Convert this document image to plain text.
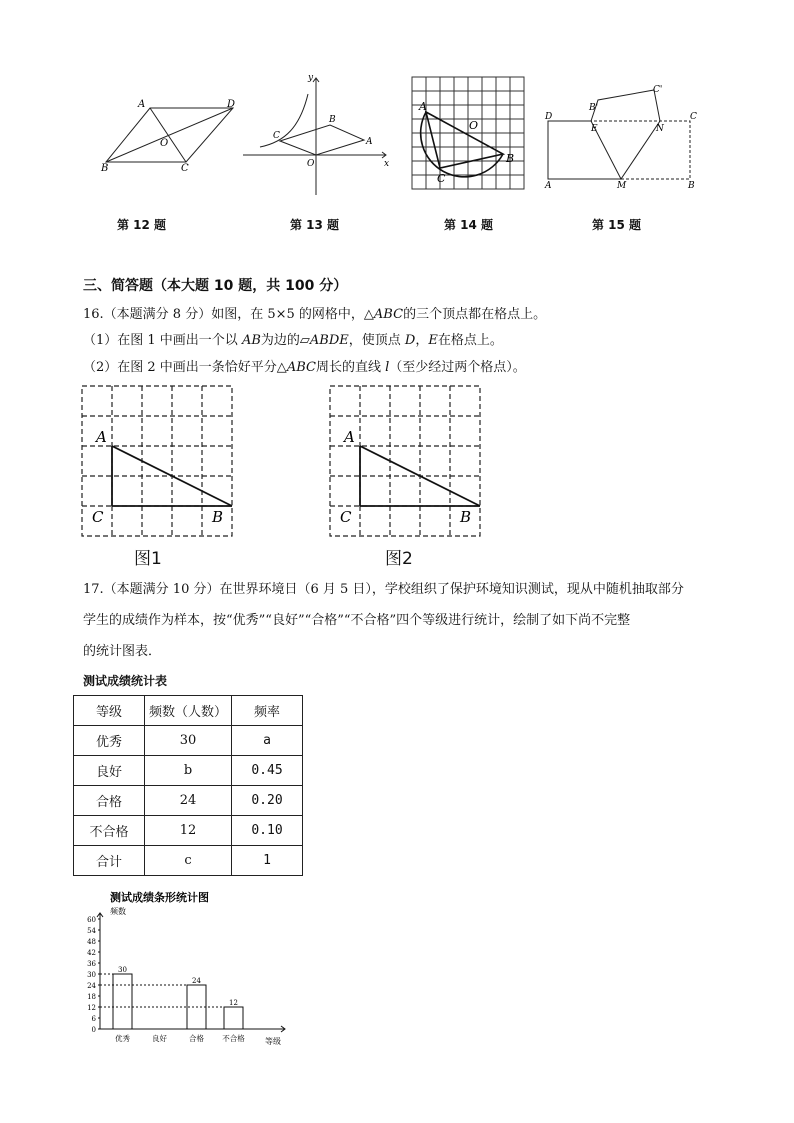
A	D
O
B	C
y
B
C
A
O	x
A
O
B
C
C'
B'
D
E	N
C
A	M	B
第 12 题	第 13 题	第 14 题	第 15 题
三、简答题（本大题 10 题，共 100 分）
16.（本题满分 8 分）如图，在 5×5 的网格中，△ABC的三个顶点都在格点上。
（1）在图 1 中画出一个以 AB为边的▱ABDE，使顶点 D，E在格点上。
（2）在图 2 中画出一条恰好平分△ABC周长的直线 l（至少经过两个格点）。
A
C	B
图1
A
C	B
图2
17.（本题满分 10 分）在世界环境日（6 月 5 日），学校组织了保护环境知识测试，现从中随机抽取部分
学生的成绩作为样本，按“优秀”“良好”“合格”“不合格”四个等级进行统计，绘制了如下尚不完整
的统计图表．
测试成绩统计表
等级	频数（人数）	频率
优秀	30	a
良好	b	0.45
合格	24	0.20
不合格	12	0.10
合计	c	1
测试成绩条形统计图
频数
0
6
12
18
24
30
36
42
48
54
60
优秀
30
良好	合格
24
不合格
12
等级
